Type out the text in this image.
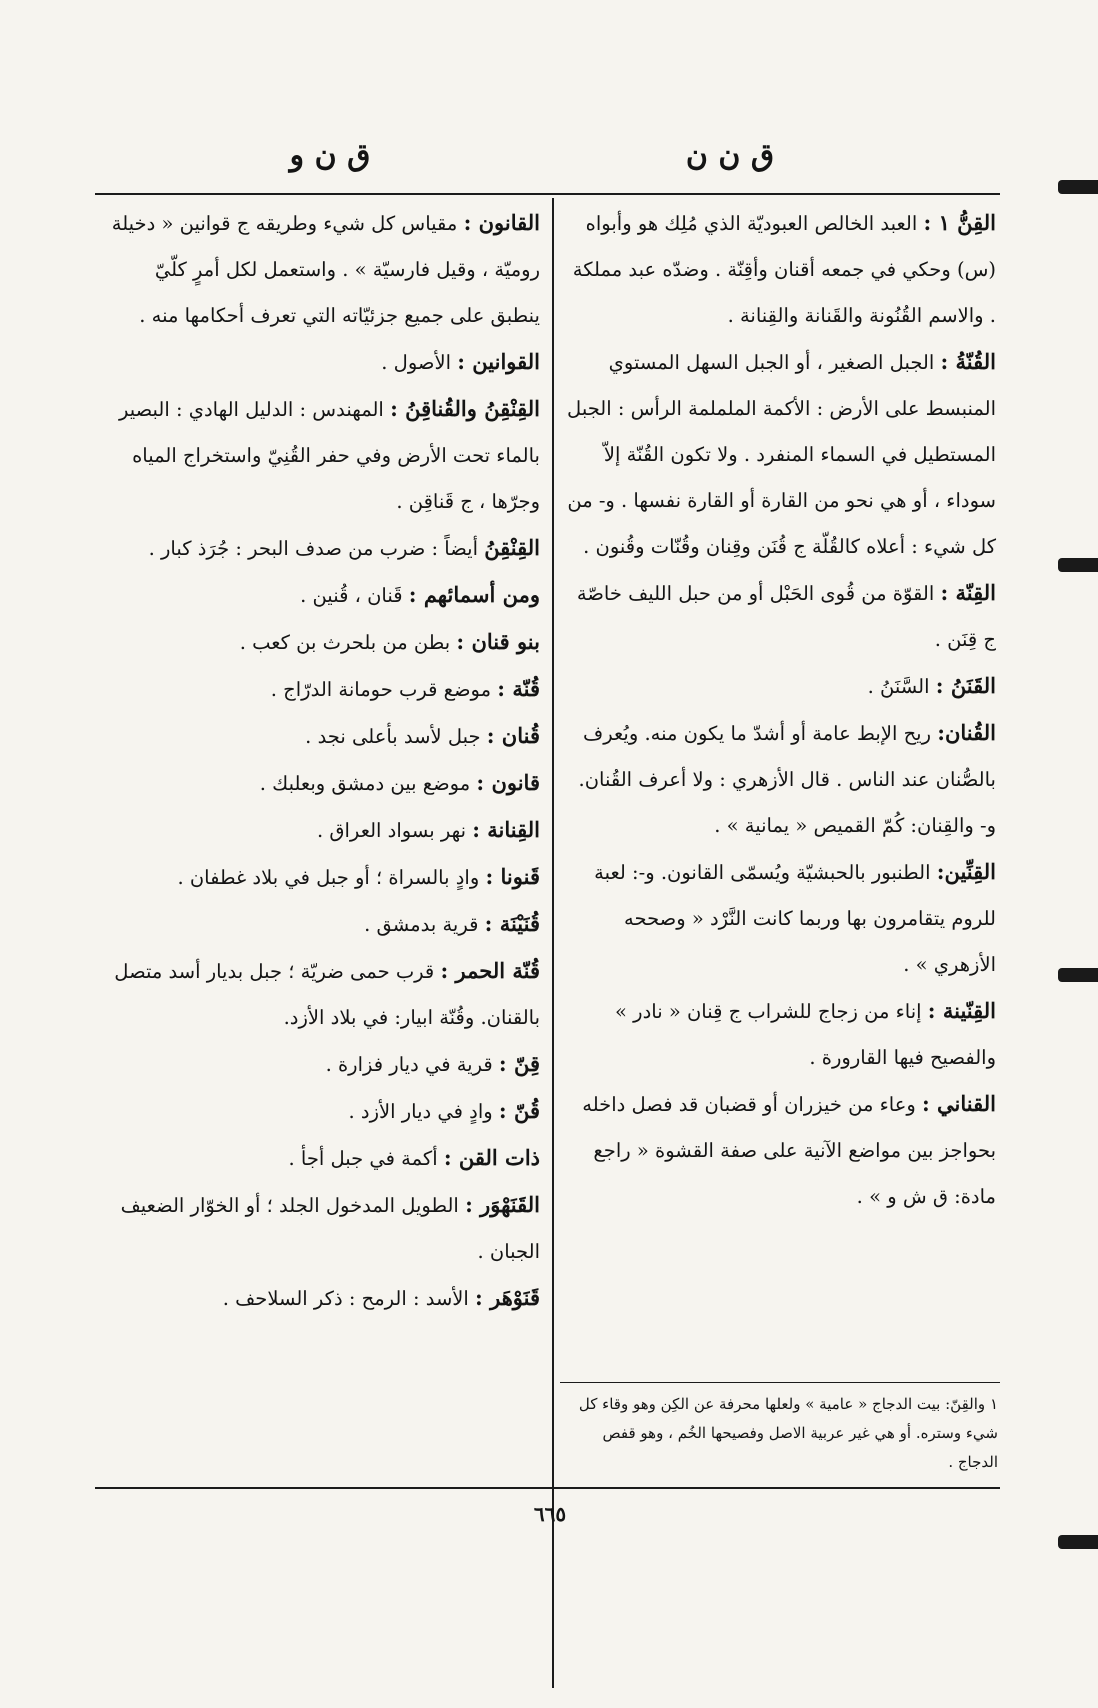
ق ن ن
ق ن و

القِنُّ ١ : العبد الخالص العبوديّة الذي مُلِك هو وأبواه (س) وحكي في جمعه أقنان وأقِنّة . وضدّه عبد مملكة . والاسم القُنُونة والقَنانة والقِنانة .

القُنّةُ : الجبل الصغير ، أو الجبل السهل المستوي المنبسط على الأرض : الأكمة الململمة الرأس : الجبل المستطيل في السماء المنفرد . ولا تكون القُنّة إلاّ سوداء ، أو هي نحو من القارة أو القارة نفسها . و- من كل شيء : أعلاه كالقُلّة ج قُنَن وقِنان وقُنّات وقُنون .

القِنّة : القوّة من قُوى الحَبْل أو من حبل الليف خاصّة ج قِنَن .

القَنَنُ : السَّنَنُ .

القُنان: ريح الإبط عامة أو أشدّ ما يكون منه. ويُعرف بالصُّنان عند الناس . قال الأزهري : ولا أعرف القُنان. و- والقِنان: كُمّ القميص « يمانية » .

القِنِّين: الطنبور بالحبشيّة ويُسمّى القانون. و-: لعبة للروم يتقامرون بها وربما كانت النَّرْد « وصححه الأزهري » .

القِنّينة : إناء من زجاج للشراب ج قِنان « نادر » والفصيح فيها القارورة .

القناني : وعاء من خيزران أو قضبان قد فصل داخله بحواجز بين مواضع الآنية على صفة القشوة « راجع مادة: ق ش و » .

١ والقِنّ: بيت الدجاج « عامية » ولعلها محرفة عن الكِن وهو وقاء كل شيء وستره. أو هي غير عربية الاصل وفصيحها الخُم ، وهو قفص الدجاج .

القانون : مقياس كل شيء وطريقه ج قوانين « دخيلة روميّة ، وقيل فارسيّة » . واستعمل لكل أمرٍ كلّيّ ينطبق على جميع جزئيّاته التي تعرف أحكامها منه .

القوانين : الأصول .

القِنْقِنُ والقُناقِنُ : المهندس : الدليل الهادي : البصير بالماء تحت الأرض وفي حفر القُنِيّ واستخراج المياه وجرّها ، ج قَناقِن .

القِنْقِنُ أيضاً : ضرب من صدف البحر : جُرَذ كبار .

ومن أسمائهم : قَنان ، قُنين .

بنو قنان : بطن من بلحرث بن كعب .

قُنّة : موضع قرب حومانة الدرّاج .

قُنان : جبل لأسد بأعلى نجد .

قانون : موضع بين دمشق وبعلبك .

القِنانة : نهر بسواد العراق .

قَنونا : وادٍ بالسراة ؛ أو جبل في بلاد غطفان .

قُنَيْنَة : قرية بدمشق .

قُنّة الحمر : قرب حمى ضريّة ؛ جبل بديار أسد متصل بالقنان. وقُنّة ابيار: في بلاد الأزد.

قِنّ : قرية في ديار فزارة .

قُنّ : وادٍ في ديار الأزد .

ذات القن : أكمة في جبل أجأ .

القَنَهْوَر : الطويل المدخول الجلد ؛ أو الخوّار الضعيف الجبان .

قَنَوْهَر : الأسد : الرمح : ذكر السلاحف .

٦٦٥
